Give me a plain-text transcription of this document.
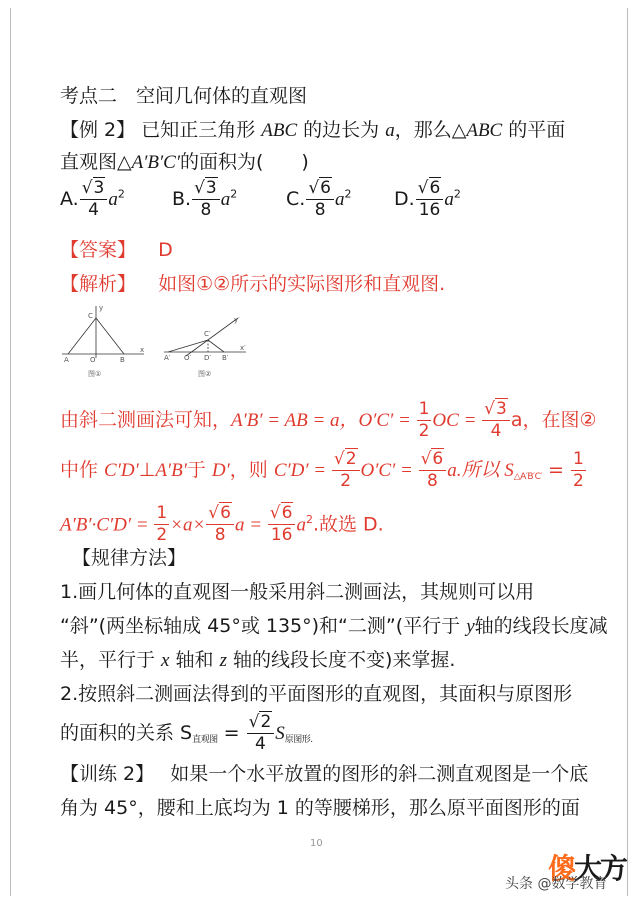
考点二　空间几何体的直观图
【例 2】 已知正三角形 ABC 的边长为 a，那么△ABC 的平面
直观图△A′B′C′的面积为(　　)
A. $\frac{√3}{4} a^2$ B. $\frac{√3}{8} a^2$	C. $\frac{√6}{8} a^2$ D. $\frac{√6}{16} a^2$
【答案】 D
【解析】 如图①②所示的实际图形和直观图.
A	O	B
C
y
x
图①
A′ O′ D′ B′
C′
x′
y′
图②
由斜二测画法可知，A′B′ = AB = a，$O'C' = \frac{1}{2}$ OC = $\frac{√3}{4}$ a，在图②
中作 C′D′⊥A′B′于 D′，则 $C'D' = \frac{√2}{2} O'C' = \frac{√6}{8} a$.所以 $S_{\triangle A'B'C'} = \frac{1}{2}$
$A'B'\cdot C'D' = \frac{1}{2} \times a\times \frac{√6}{8}$ $a = \frac{√6}{16} a^2$.故选 D.
【规律方法】
1.画几何体的直观图一般采用斜二测画法，其规则可以用
“斜”(两坐标轴成 45°或 135°)和“二测”(平行于 y轴的线段长度减
半，平行于 x 轴和 z 轴的线段长度不变)来掌握.
2.按照斜二测画法得到的平面图形的直观图，其面积与原图形
的面积的关系 $S_{直观图} = \frac{√2}{4} S_{原图形.}$
【训练 2】 如果一个水平放置的图形的斜二测直观图是一个底
角为 45°，腰和上底均为 1 的等腰梯形，那么原平面图形的面
10
傻大方
头条 @数学教育
